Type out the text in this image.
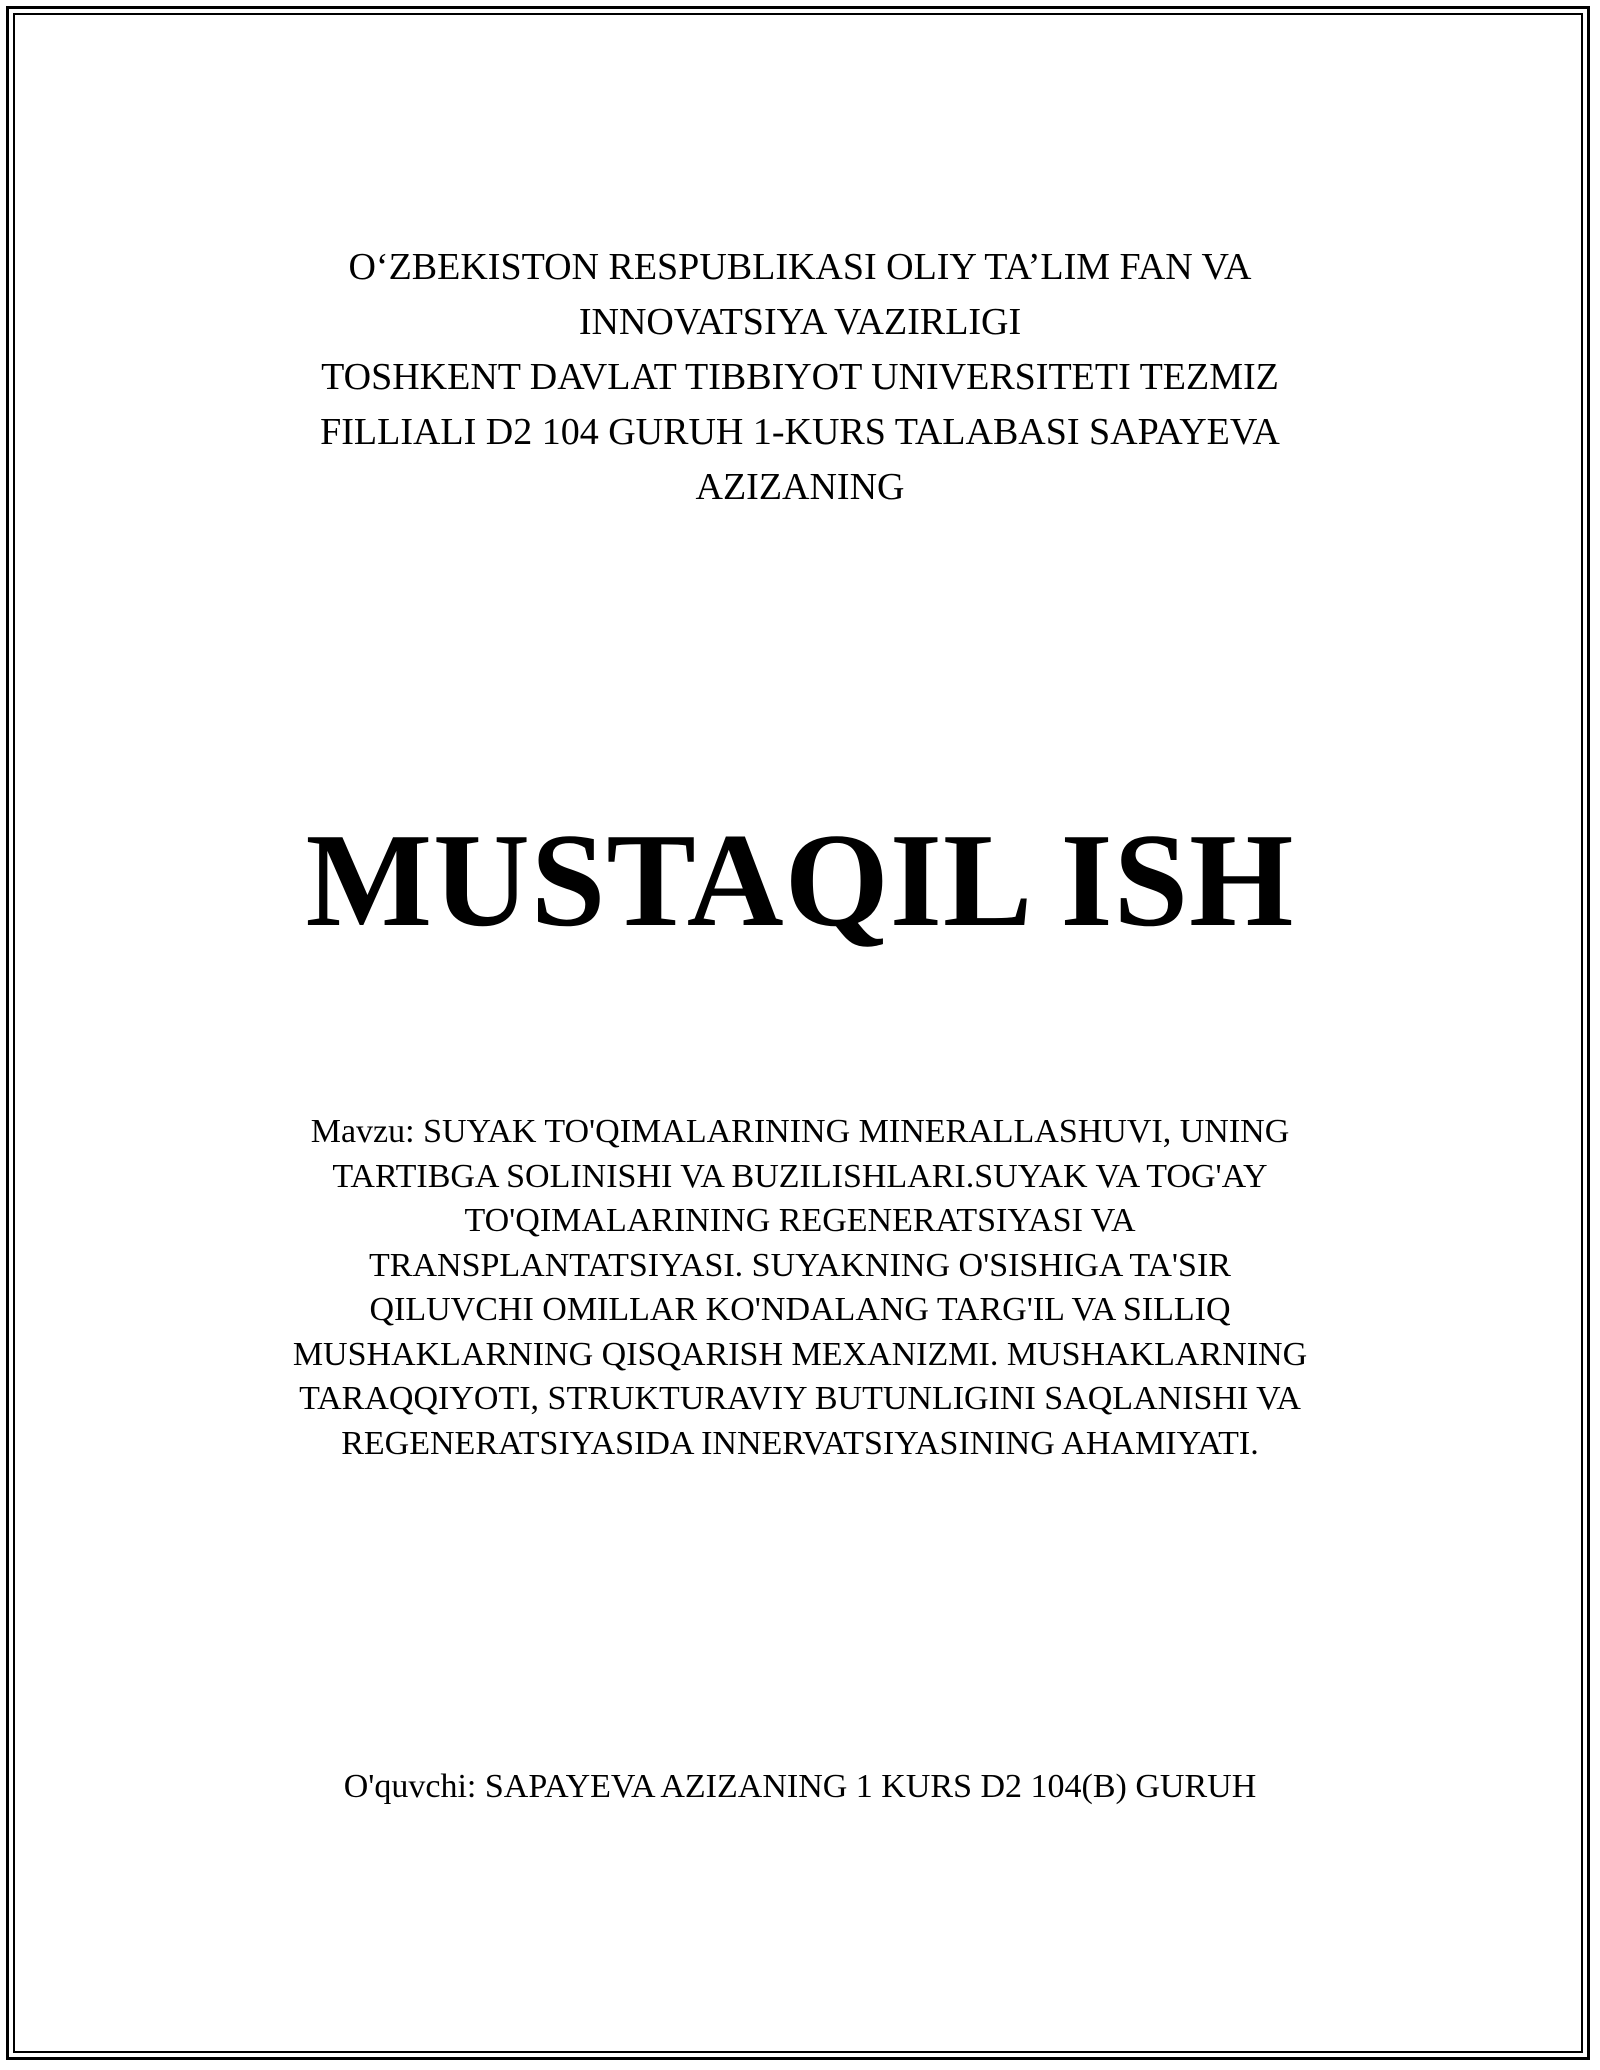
O‘ZBEKISTON RESPUBLIKASI OLIY TA’LIM FAN VA
INNOVATSIYA VAZIRLIGI
TOSHKENT DAVLAT TIBBIYOT UNIVERSITETI TEZMIZ
FILLIALI D2 104 GURUH 1-KURS TALABASI SAPAYEVA
AZIZANING
MUSTAQIL ISH
Mavzu: SUYAK TO'QIMALARINING MINERALLASHUVI, UNING
TARTIBGA SOLINISHI VA BUZILISHLARI.SUYAK VA TOG'AY
TO'QIMALARINING REGENERATSIYASI VA
TRANSPLANTATSIYASI. SUYAKNING O'SISHIGA TA'SIR
QILUVCHI OMILLAR KO'NDALANG TARG'IL VA SILLIQ
MUSHAKLARNING QISQARISH MEXANIZMI. MUSHAKLARNING
TARAQQIYOTI, STRUKTURAVIY BUTUNLIGINI SAQLANISHI VA
REGENERATSIYASIDA INNERVATSIYASINING AHAMIYATI.
O'quvchi: SAPAYEVA AZIZANING 1 KURS D2 104(B) GURUH
